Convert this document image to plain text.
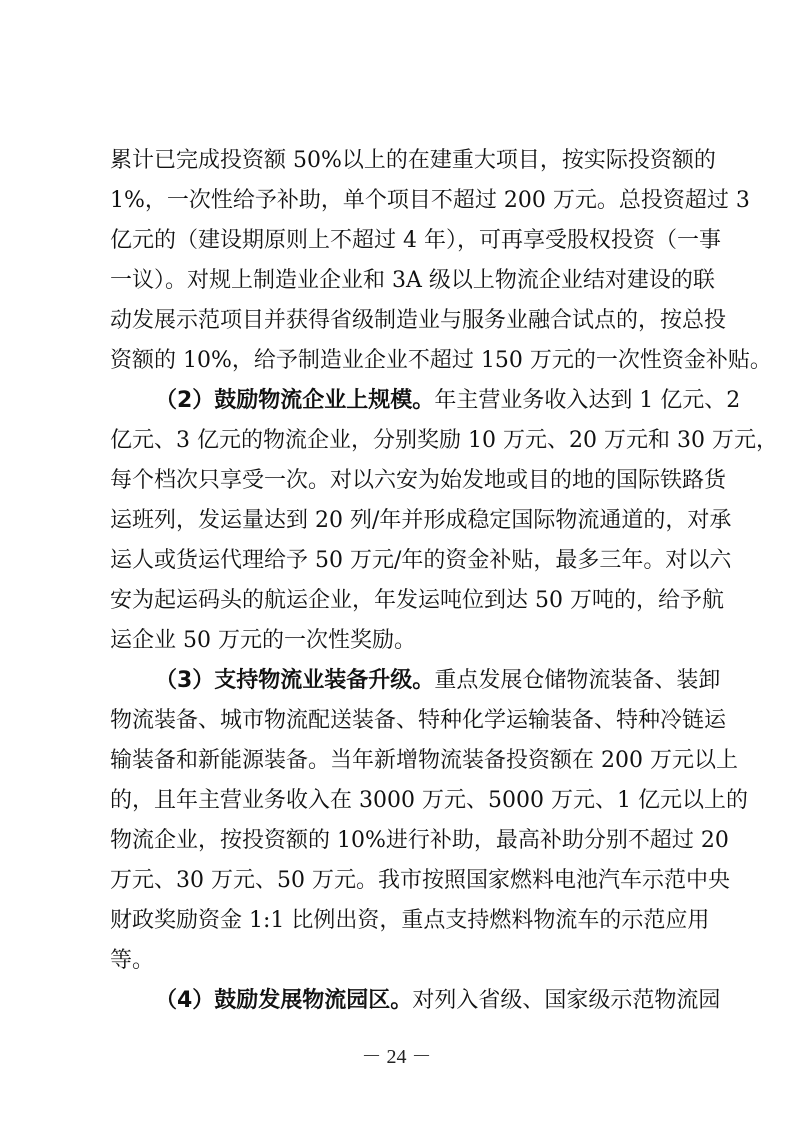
累计已完成投资额 50%以上的在建重大项目，按实际投资额的
1%，一次性给予补助，单个项目不超过 200 万元。总投资超过 3
亿元的（建设期原则上不超过 4 年），可再享受股权投资（一事
一议）。对规上制造业企业和 3A 级以上物流企业结对建设的联
动发展示范项目并获得省级制造业与服务业融合试点的，按总投
资额的 10%，给予制造业企业不超过 150 万元的一次性资金补贴。
（2）鼓励物流企业上规模。年主营业务收入达到 1 亿元、2
亿元、3 亿元的物流企业，分别奖励 10 万元、20 万元和 30 万元，
每个档次只享受一次。对以六安为始发地或目的地的国际铁路货
运班列，发运量达到 20 列/年并形成稳定国际物流通道的，对承
运人或货运代理给予 50 万元/年的资金补贴，最多三年。对以六
安为起运码头的航运企业，年发运吨位到达 50 万吨的，给予航
运企业 50 万元的一次性奖励。
（3）支持物流业装备升级。重点发展仓储物流装备、装卸
物流装备、城市物流配送装备、特种化学运输装备、特种冷链运
输装备和新能源装备。当年新增物流装备投资额在 200 万元以上
的，且年主营业务收入在 3000 万元、5000 万元、1 亿元以上的
物流企业，按投资额的 10%进行补助，最高补助分别不超过 20
万元、30 万元、50 万元。我市按照国家燃料电池汽车示范中央
财政奖励资金 1:1 比例出资，重点支持燃料物流车的示范应用
等。
（4）鼓励发展物流园区。对列入省级、国家级示范物流园
－ 24 －
